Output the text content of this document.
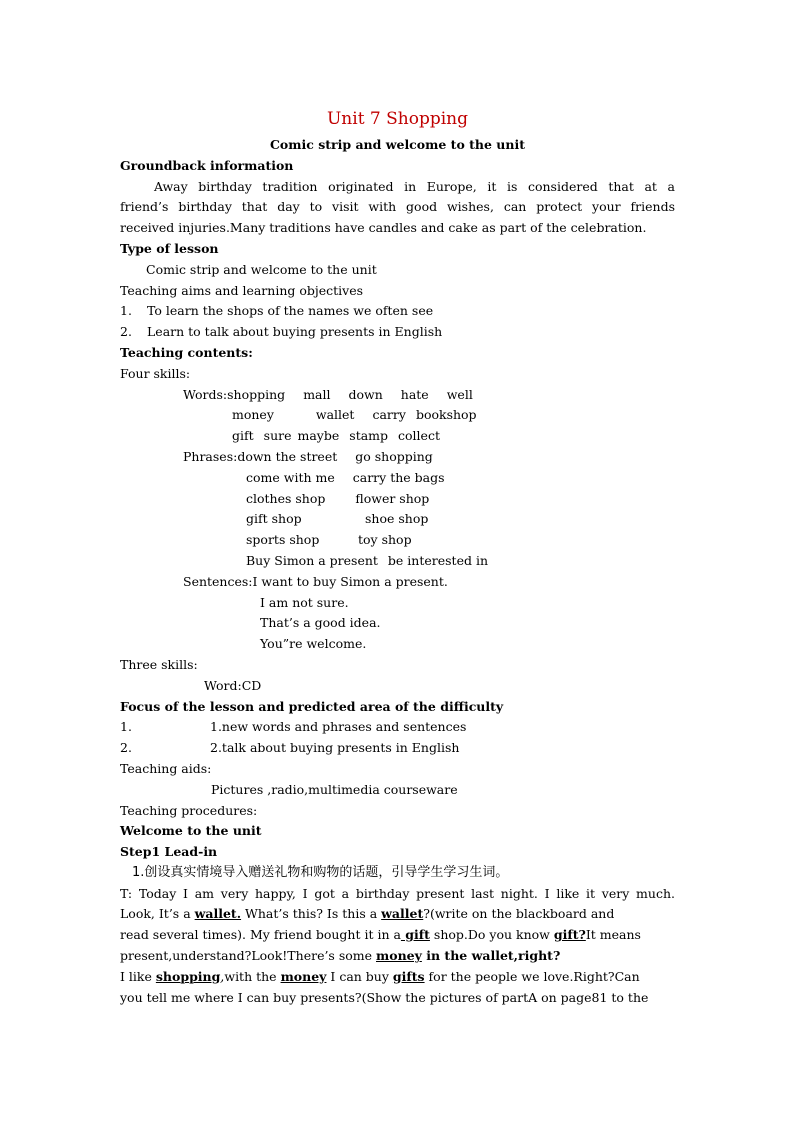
Unit 7 Shopping
Comic strip and welcome to the unit
Groundback information
Away birthday tradition originated in Europe, it is considered that at a
friend’s birthday that day to visit with good wishes, can protect your friends
received injuries.Many traditions have candles and cake as part of the celebration.
Type of lesson
Comic strip and welcome to the unit
Teaching aims and learning objectives
1. To learn the shops of the names we often see
2. Learn to talk about buying presents in English
Teaching contents:
Four skills:
Words:shopping mall down hate well
money	wallet carry bookshop
gift sure maybe stamp collect
Phrases:down the street go shopping
come with me carry the bags
clothes shop flower shop
gift shop	shoe shop
sports shop	toy shop
Buy Simon a present be interested in
Sentences:I want to buy Simon a present.
I am not sure.
That’s a good idea.
You”re welcome.
Three skills:
Word:CD
Focus of the lesson and predicted area of the difficulty
1.	1.new words and phrases and sentences
2.	2.talk about buying presents in English
Teaching aids:
Pictures ,radio,multimedia courseware
Teaching procedures:
Welcome to the unit
Step1 Lead-in
1.创设真实情境导入赠送礼物和购物的话题，引导学生学习生词。
T: Today I am very happy, I got a birthday present last night. I like it very much.
Look, It’s a wallet. What’s this? Is this a wallet?(write on the blackboard and
read several times). My friend bought it in a gift shop.Do you know gift?It means
present,understand?Look!There’s some money in the wallet,right?
I like shopping,with the money I can buy gifts for the people we love.Right?Can
you tell me where I can buy presents?(Show the pictures of partA on page81 to the
